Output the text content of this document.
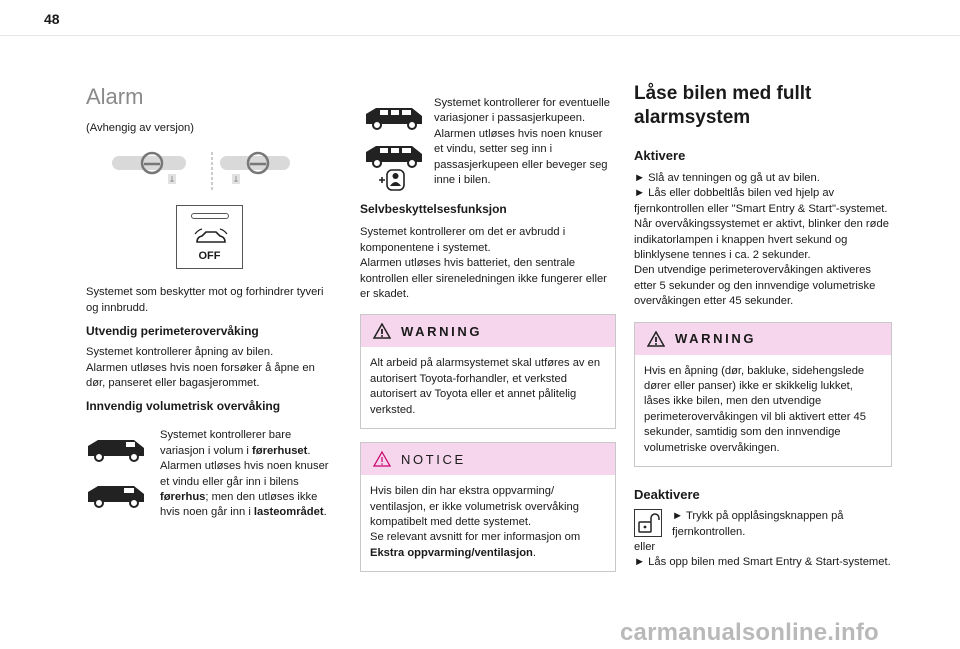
48
Alarm
(Avhengig av versjon)
OFF
Systemet som beskytter mot og forhindrer tyveri og innbrudd.
Utvendig perimeterovervåking
Systemet kontrollerer åpning av bilen.
Alarmen utløses hvis noen forsøker å åpne en dør, panseret eller bagasjerommet.
Innvendig volumetrisk overvåking
Systemet kontrollerer bare variasjon i volum i førerhuset.
Alarmen utløses hvis noen knuser et vindu eller går inn i bilens førerhus; men den utløses ikke hvis noen går inn i lasteområdet.
Systemet kontrollerer for eventuelle variasjoner i passasjerkupeen.
Alarmen utløses hvis noen knuser et vindu, setter seg inn i passasjerkupeen eller beveger seg inne i bilen.
Selvbeskyttelsesfunksjon
Systemet kontrollerer om det er avbrudd i komponentene i systemet.
Alarmen utløses hvis batteriet, den sentrale kontrollen eller sireneledningen ikke fungerer eller er skadet.
WARNING
Alt arbeid på alarmsystemet skal utføres av en autorisert Toyota-forhandler, et verksted autorisert av Toyota eller et annet pålitelig verksted.
NOTICE
Hvis bilen din har ekstra oppvarming/ ventilasjon, er ikke volumetrisk overvåking kompatibelt med dette systemet.
Se relevant avsnitt for mer informasjon om Ekstra oppvarming/ventilasjon.
Låse bilen med fullt alarmsystem
Aktivere
► Slå av tenningen og gå ut av bilen.
► Lås eller dobbeltlås bilen ved hjelp av fjernkontrollen eller "Smart Entry & Start"-systemet.
Når overvåkingssystemet er aktivt, blinker den røde indikatorlampen i knappen hvert sekund og blinklysene tennes i ca. 2 sekunder.
Den utvendige perimeterovervåkingen aktiveres etter 5 sekunder og den innvendige volumetriske overvåkingen etter 45 sekunder.
WARNING
Hvis en åpning (dør, bakluke, sidehengslede dører eller panser) ikke er skikkelig lukket, låses ikke bilen, men den utvendige perimeterovervåkingen vil bli aktivert etter 45 sekunder, samtidig som den innvendige volumetriske overvåkingen.
Deaktivere
► Trykk på opplåsingsknappen på fjernkontrollen.
eller
► Lås opp bilen med Smart Entry & Start-systemet.
carmanualsonline.info
